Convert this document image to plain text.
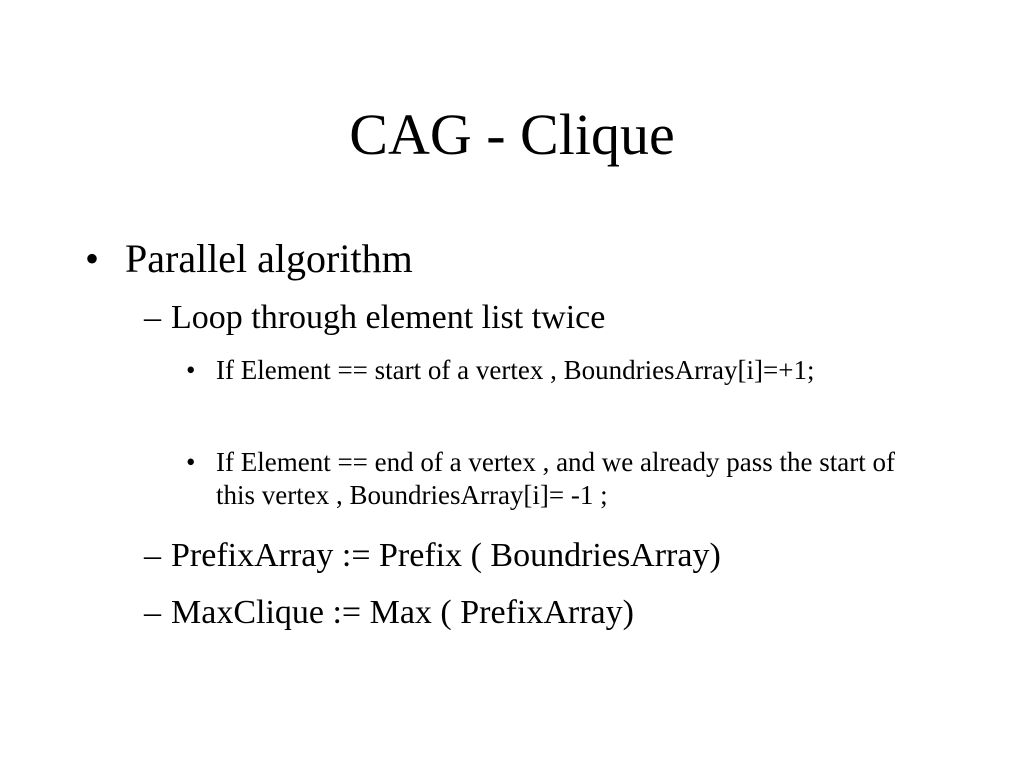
CAG - Clique
• Parallel algorithm
– Loop through element list twice
• If Element == start of a vertex , BoundriesArray[i]=+1;
• If Element == end of a vertex , and we already pass the start of this vertex , BoundriesArray[i]= -1 ;
– PrefixArray := Prefix ( BoundriesArray)
– MaxClique := Max ( PrefixArray)
